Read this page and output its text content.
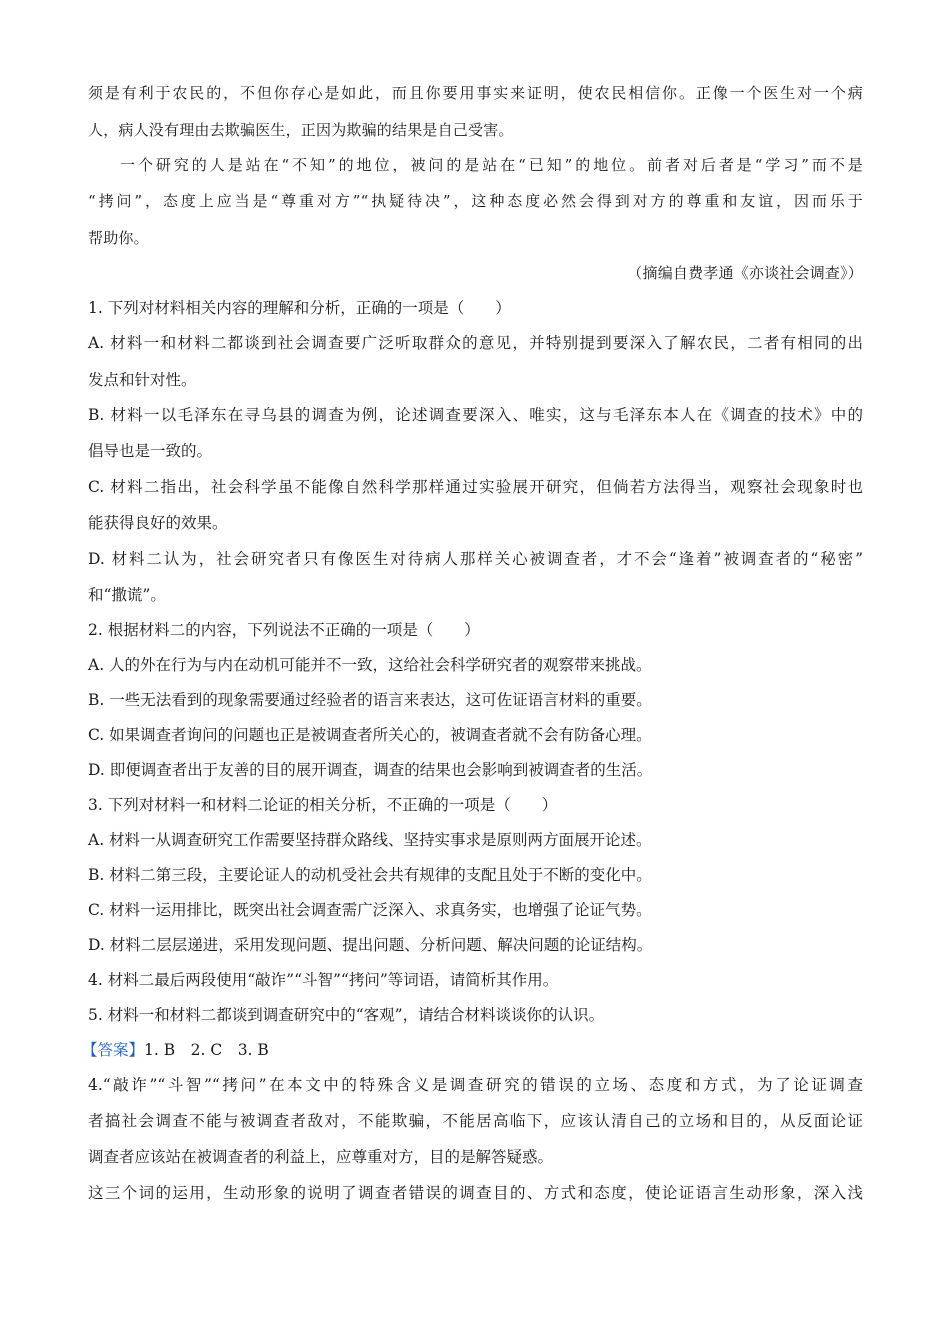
须是有利于农民的，不但你存心是如此，而且你要用事实来证明，使农民相信你。正像一个医生对一个病
人，病人没有理由去欺骗医生，正因为欺骗的结果是自己受害。
一个研究的人是站在“不知”的地位，被问的是站在“已知”的地位。前者对后者是“学习”而不是
“拷问”，态度上应当是“尊重对方”“执疑待决”，这种态度必然会得到对方的尊重和友谊，因而乐于
帮助你。
（摘编自费孝通《亦谈社会调查》）
1. 下列对材料相关内容的理解和分析，正确的一项是（　　）
A. 材料一和材料二都谈到社会调查要广泛听取群众的意见，并特别提到要深入了解农民，二者有相同的出
发点和针对性。
B. 材料一以毛泽东在寻乌县的调查为例，论述调查要深入、唯实，这与毛泽东本人在《调查的技术》中的
倡导也是一致的。
C. 材料二指出，社会科学虽不能像自然科学那样通过实验展开研究，但倘若方法得当，观察社会现象时也
能获得良好的效果。
D. 材料二认为，社会研究者只有像医生对待病人那样关心被调查者，才不会“逢着”被调查者的“秘密”
和“撒谎”。
2. 根据材料二的内容，下列说法不正确的一项是（　　）
A. 人的外在行为与内在动机可能并不一致，这给社会科学研究者的观察带来挑战。
B. 一些无法看到的现象需要通过经验者的语言来表达，这可佐证语言材料的重要。
C. 如果调查者询问的问题也正是被调查者所关心的，被调查者就不会有防备心理。
D. 即便调查者出于友善的目的展开调查，调查的结果也会影响到被调查者的生活。
3. 下列对材料一和材料二论证的相关分析，不正确的一项是（　　）
A. 材料一从调查研究工作需要坚持群众路线、坚持实事求是原则两方面展开论述。
B. 材料二第三段，主要论证人的动机受社会共有规律的支配且处于不断的变化中。
C. 材料一运用排比，既突出社会调查需广泛深入、求真务实，也增强了论证气势。
D. 材料二层层递进，采用发现问题、提出问题、分析问题、解决问题的论证结构。
4. 材料二最后两段使用“敲诈”“斗智”“拷问”等词语，请简析其作用。
5. 材料一和材料二都谈到调查研究中的“客观”，请结合材料谈谈你的认识。
【答案】1. B　2. C　3. B
4.“敲诈”“斗智”“拷问”在本文中的特殊含义是调查研究的错误的立场、态度和方式，为了论证调查
者搞社会调查不能与被调查者敌对，不能欺骗，不能居高临下，应该认清自己的立场和目的，从反面论证
调查者应该站在被调查者的利益上，应尊重对方，目的是解答疑惑。
这三个词的运用，生动形象的说明了调查者错误的调查目的、方式和态度，使论证语言生动形象，深入浅
